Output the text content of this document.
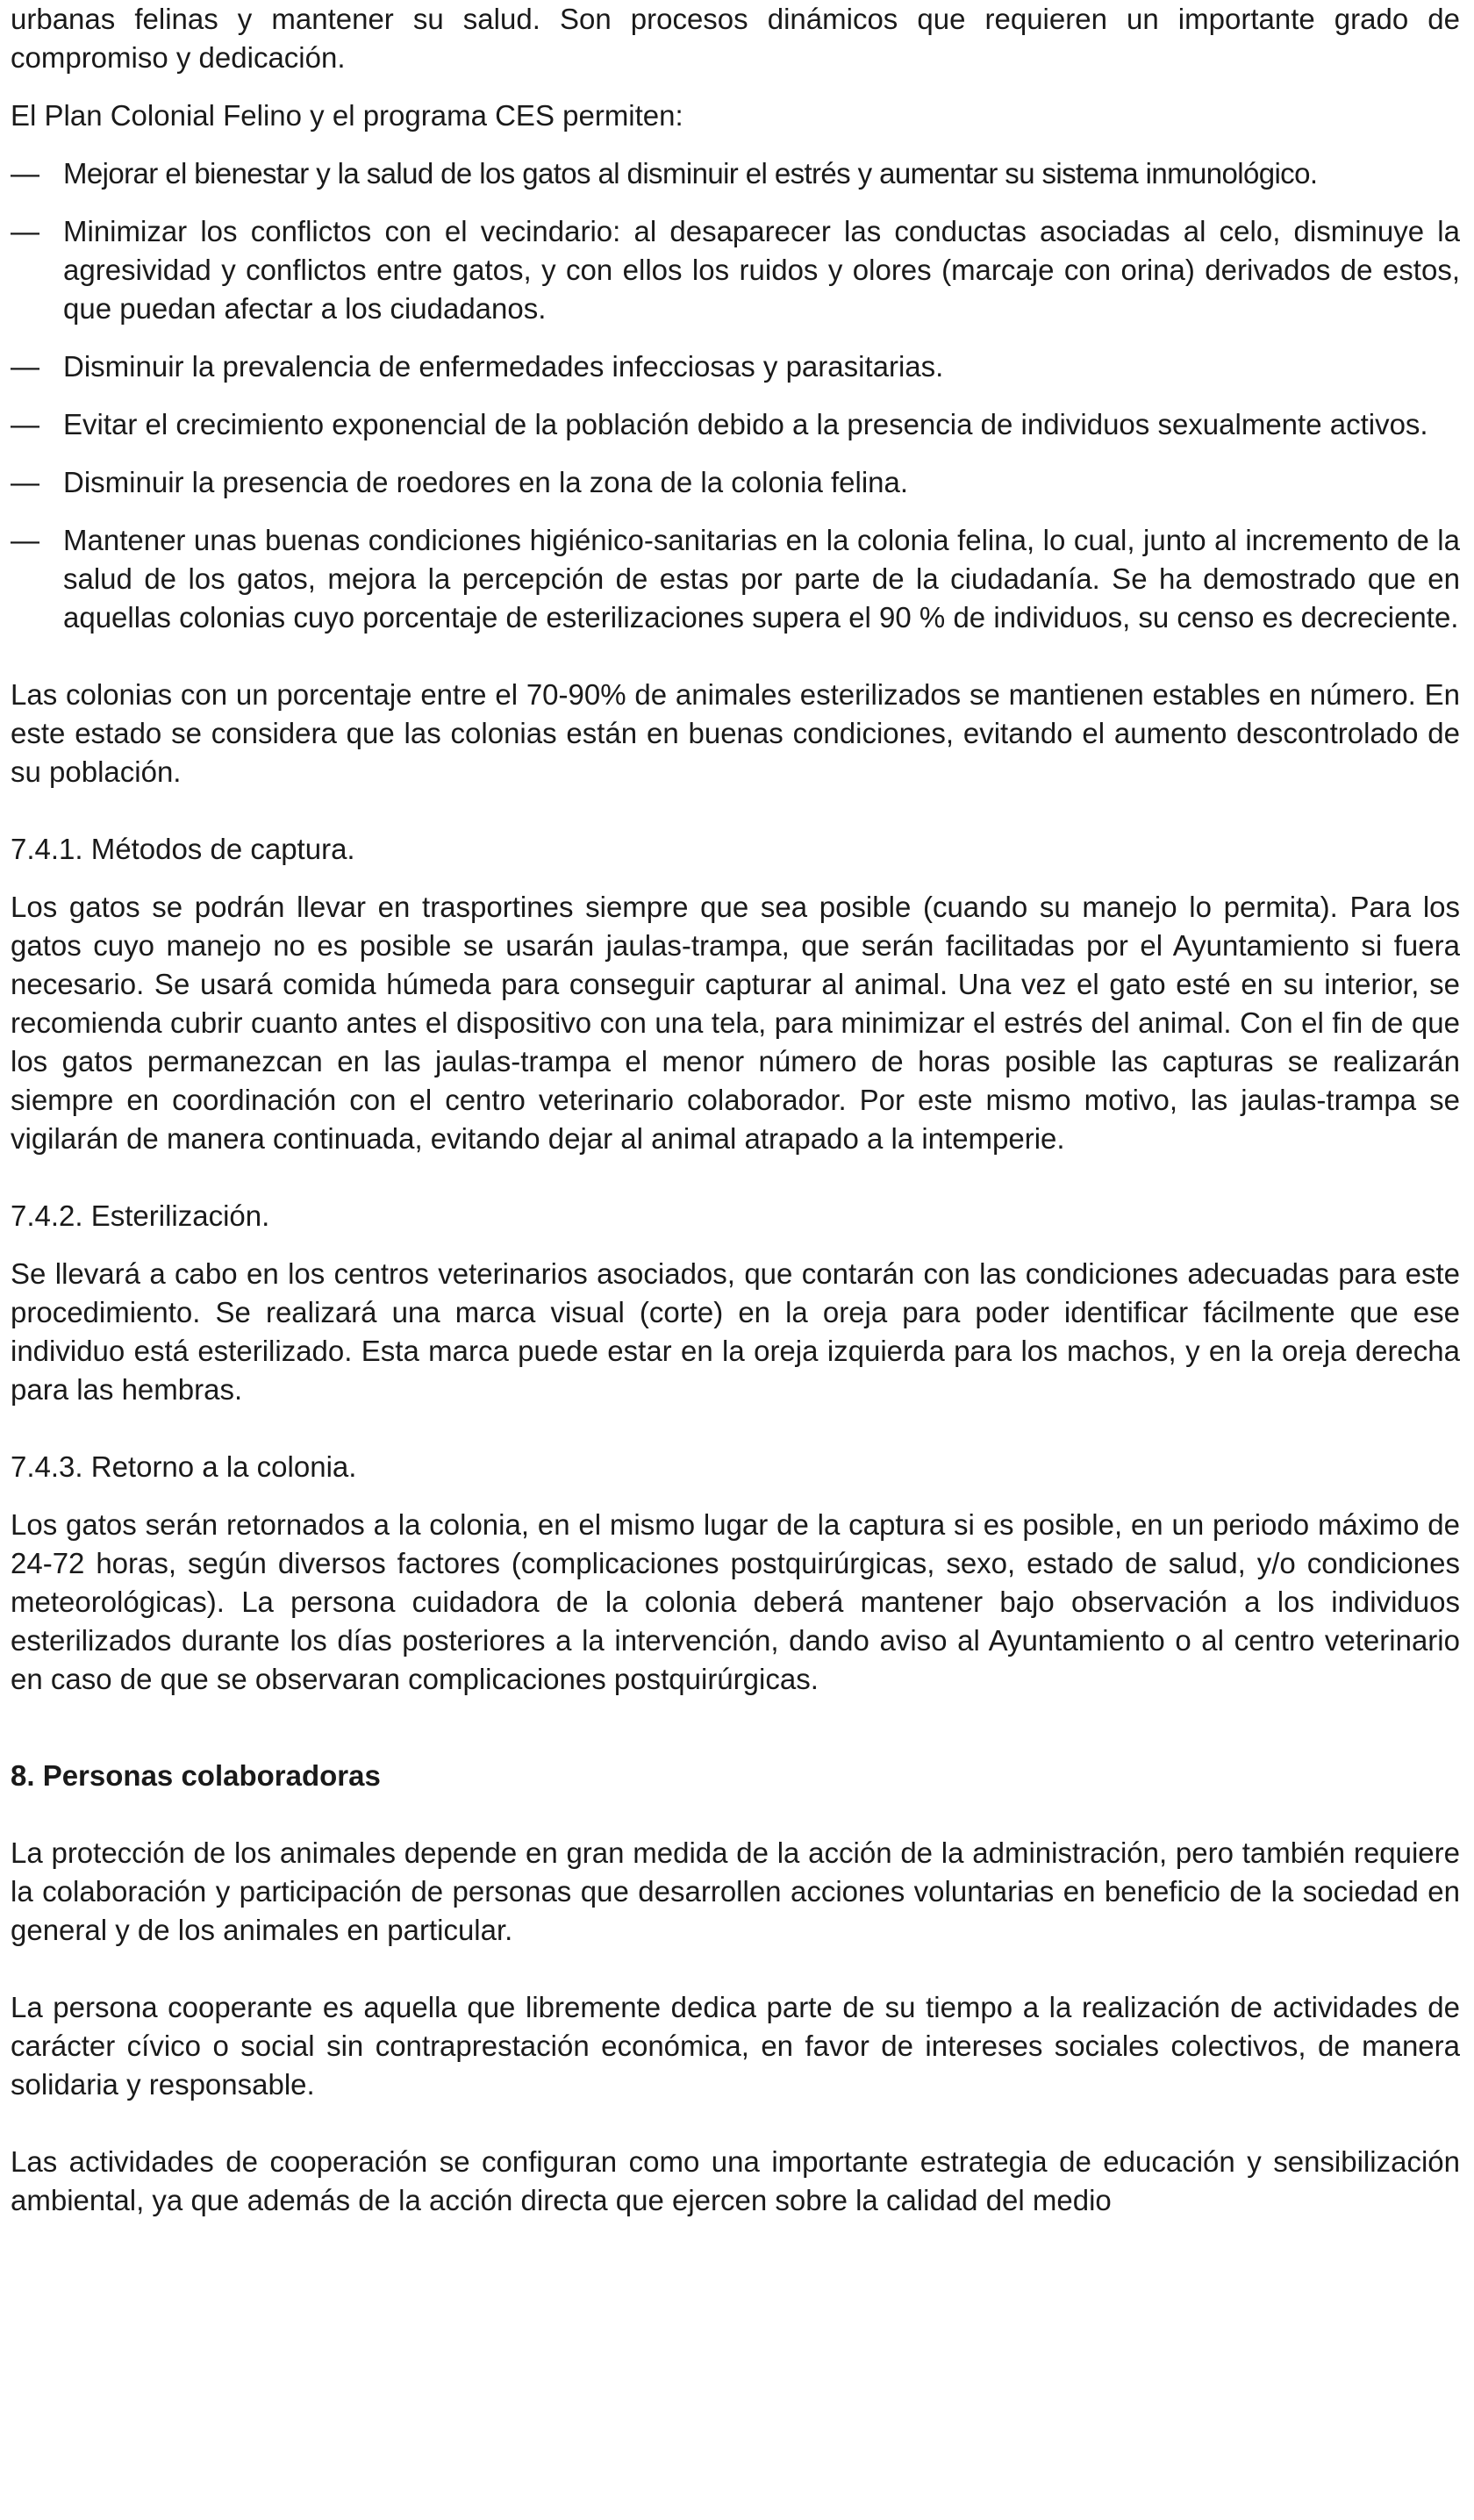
urbanas felinas y mantener su salud. Son procesos dinámicos que requieren un importante grado de compromiso y dedicación.

El Plan Colonial Felino y el programa CES permiten:

— Mejorar el bienestar y la salud de los gatos al disminuir el estrés y aumentar su sistema inmunológico.
— Minimizar los conflictos con el vecindario: al desaparecer las conductas asociadas al celo, disminuye la agresividad y conflictos entre gatos, y con ellos los ruidos y olores (marcaje con orina) derivados de estos, que puedan afectar a los ciudadanos.
— Disminuir la prevalencia de enfermedades infecciosas y parasitarias.
— Evitar el crecimiento exponencial de la población debido a la presencia de individuos sexualmente activos.
— Disminuir la presencia de roedores en la zona de la colonia felina.
— Mantener unas buenas condiciones higiénico-sanitarias en la colonia felina, lo cual, junto al incremento de la salud de los gatos, mejora la percepción de estas por parte de la ciudadanía. Se ha demostrado que en aquellas colonias cuyo porcentaje de esterilizaciones supera el 90 % de individuos, su censo es decreciente.

Las colonias con un porcentaje entre el 70-90% de animales esterilizados se mantienen estables en número. En este estado se considera que las colonias están en buenas condiciones, evitando el aumento descontrolado de su población.

7.4.1. Métodos de captura.

Los gatos se podrán llevar en trasportines siempre que sea posible (cuando su manejo lo permita). Para los gatos cuyo manejo no es posible se usarán jaulas-trampa, que serán facilitadas por el Ayuntamiento si fuera necesario. Se usará comida húmeda para conseguir capturar al animal. Una vez el gato esté en su interior, se recomienda cubrir cuanto antes el dispositivo con una tela, para minimizar el estrés del animal. Con el fin de que los gatos permanezcan en las jaulas-trampa el menor número de horas posible las capturas se realizarán siempre en coordinación con el centro veterinario colaborador. Por este mismo motivo, las jaulas-trampa se vigilarán de manera continuada, evitando dejar al animal atrapado a la intemperie.

7.4.2. Esterilización.

Se llevará a cabo en los centros veterinarios asociados, que contarán con las condiciones adecuadas para este procedimiento. Se realizará una marca visual (corte) en la oreja para poder identificar fácilmente que ese individuo está esterilizado. Esta marca puede estar en la oreja izquierda para los machos, y en la oreja derecha para las hembras.

7.4.3. Retorno a la colonia.

Los gatos serán retornados a la colonia, en el mismo lugar de la captura si es posible, en un periodo máximo de 24-72 horas, según diversos factores (complicaciones postquirúrgicas, sexo, estado de salud, y/o condiciones meteorológicas). La persona cuidadora de la colonia deberá mantener bajo observación a los individuos esterilizados durante los días posteriores a la intervención, dando aviso al Ayuntamiento o al centro veterinario en caso de que se observaran complicaciones postquirúrgicas.

8. Personas colaboradoras

La protección de los animales depende en gran medida de la acción de la administración, pero también requiere la colaboración y participación de personas que desarrollen acciones voluntarias en beneficio de la sociedad en general y de los animales en particular.

La persona cooperante es aquella que libremente dedica parte de su tiempo a la realización de actividades de carácter cívico o social sin contraprestación económica, en favor de intereses sociales colectivos, de manera solidaria y responsable.

Las actividades de cooperación se configuran como una importante estrategia de educación y sensibilización ambiental, ya que además de la acción directa que ejercen sobre la calidad del medio
